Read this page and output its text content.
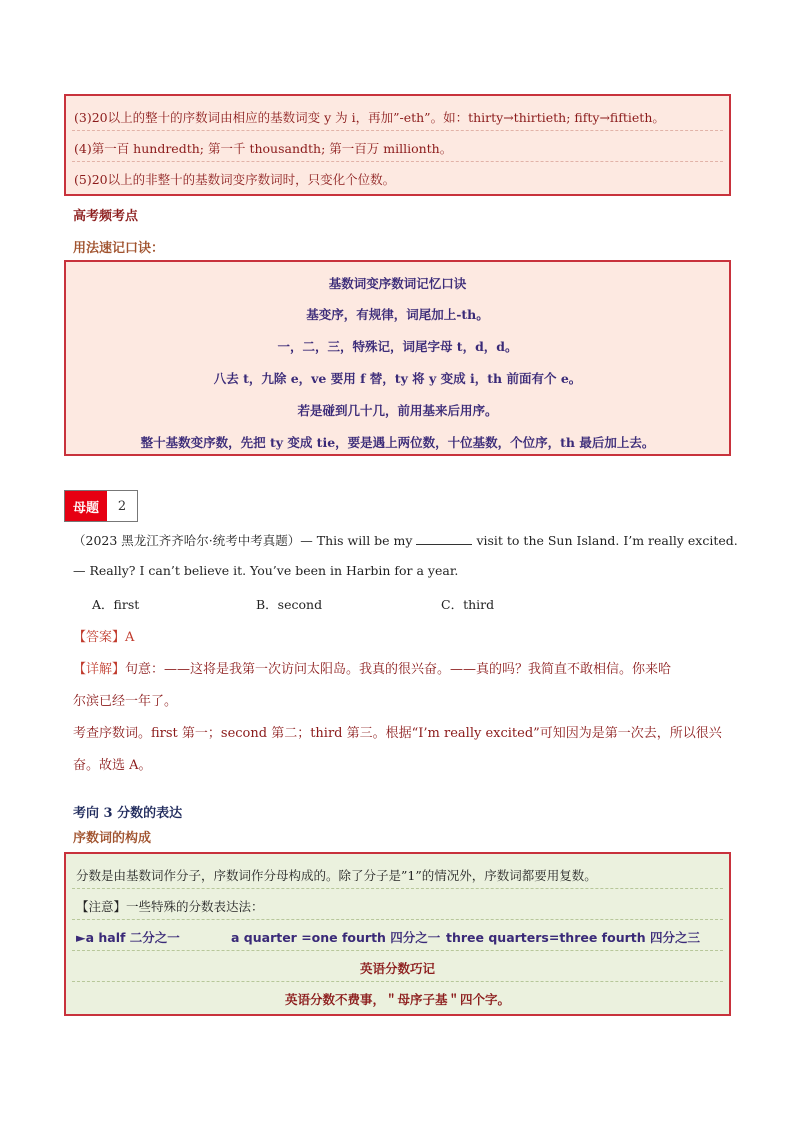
(3)20以上的整十的序数词由相应的基数词变 y 为 i，再加”-eth”。如：thirty→thirtieth; fifty→fiftieth。
(4)第一百 hundredth; 第一千 thousandth; 第一百万 millionth。
(5)20以上的非整十的基数词变序数词时，只变化个位数。
高考频考点
用法速记口诀：
基数词变序数词记忆口诀
基变序，有规律，词尾加上-th。
一，二，三，特殊记，词尾字母 t，d，d。
八去 t，九除 e，ve 要用 f 替，ty 将 y 变成 i，th 前面有个 e。
若是碰到几十几，前用基来后用序。
整十基数变序数，先把 ty 变成 tie，要是遇上两位数，十位基数，个位序，th 最后加上去。
母题	2
（2023 黑龙江齐齐哈尔·统考中考真题）— This will be my	visit to the Sun Island. I’m really excited.
— Really? I can’t believe it. You’ve been in Harbin for a year.
A．first	B．second	C．third
【答案】A
【详解】句意：——这将是我第一次访问太阳岛。我真的很兴奋。——真的吗？我简直不敢相信。你来哈
尔滨已经一年了。
考查序数词。first 第一；second 第二；third 第三。根据“I’m really excited”可知因为是第一次去，所以很兴
奋。故选 A。
考向 3 分数的表达
序数词的构成
分数是由基数词作分子，序数词作分母构成的。除了分子是”1”的情况外，序数词都要用复数。
【注意】一些特殊的分数表达法：
►a half 二分之一	a quarter =one fourth 四分之一 three quarters=three fourth 四分之三
英语分数巧记
英语分数不费事，＂母序子基＂四个字。
